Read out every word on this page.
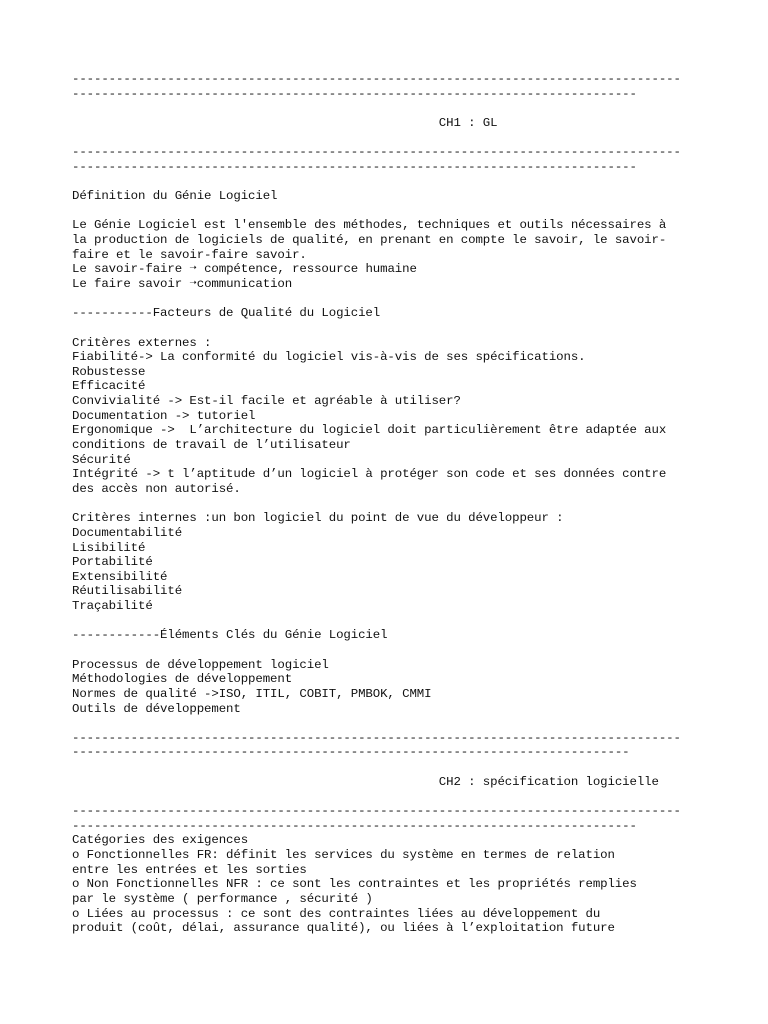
-----------------------------------------------------------------------------------
-----------------------------------------------------------------------------
CH1 : GL
-----------------------------------------------------------------------------------
-----------------------------------------------------------------------------
Définition du Génie Logiciel
Le Génie Logiciel est l'ensemble des méthodes, techniques et outils nécessaires à
la production de logiciels de qualité, en prenant en compte le savoir, le savoir-
faire et le savoir-faire savoir.
Le savoir-faire ➝ compétence, ressource humaine
Le faire savoir ➝communication
-----------Facteurs de Qualité du Logiciel
Critères externes :
Fiabilité-> La conformité du logiciel vis-à-vis de ses spécifications.
Robustesse
Efficacité
Convivialité -> Est-il facile et agréable à utiliser?
Documentation -> tutoriel
Ergonomique ->  L’architecture du logiciel doit particulièrement être adaptée aux
conditions de travail de l’utilisateur
Sécurité
Intégrité -> t l’aptitude d’un logiciel à protéger son code et ses données contre
des accès non autorisé.
Critères internes :un bon logiciel du point de vue du développeur :
Documentabilité
Lisibilité
Portabilité
Extensibilité
Réutilisabilité
Traçabilité
------------Éléments Clés du Génie Logiciel
Processus de développement logiciel
Méthodologies de développement
Normes de qualité ->ISO, ITIL, COBIT, PMBOK, CMMI
Outils de développement
-----------------------------------------------------------------------------------
----------------------------------------------------------------------------
CH2 : spécification logicielle
-----------------------------------------------------------------------------------
-----------------------------------------------------------------------------
Catégories des exigences
o Fonctionnelles FR: définit les services du système en termes de relation
entre les entrées et les sorties
o Non Fonctionnelles NFR : ce sont les contraintes et les propriétés remplies
par le système ( performance , sécurité )
o Liées au processus : ce sont des contraintes liées au développement du
produit (coût, délai, assurance qualité), ou liées à l’exploitation future
